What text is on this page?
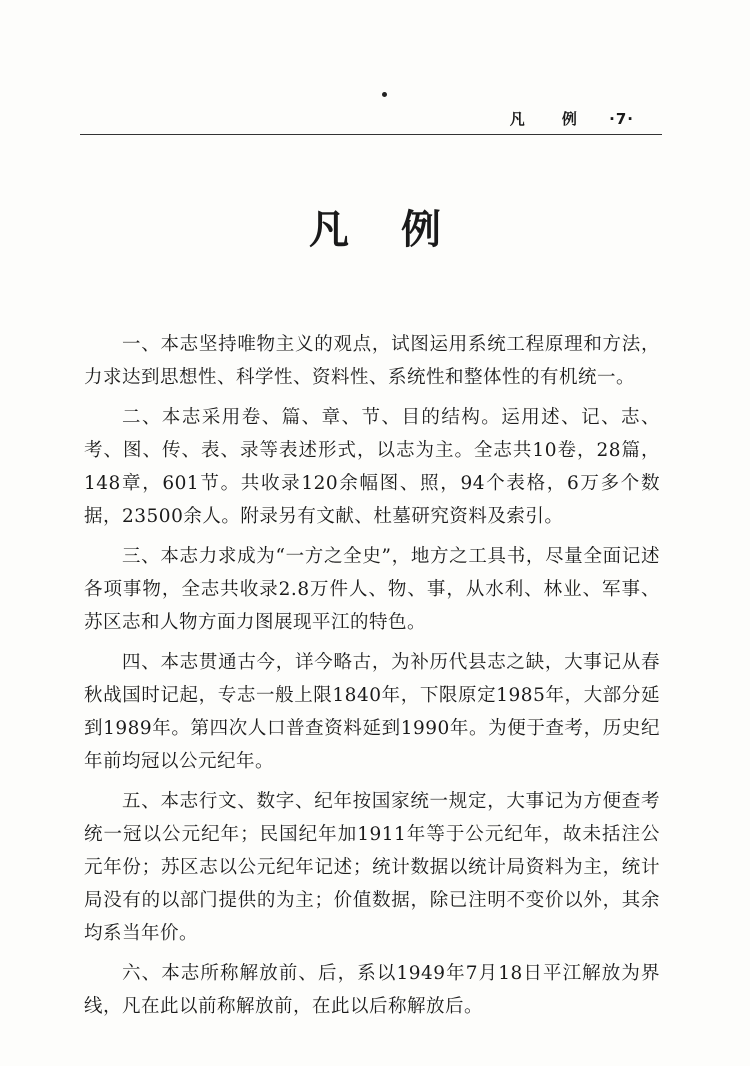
凡 例 ·7·
凡例

一、本志坚持唯物主义的观点，试图运用系统工程原理和方法，力求达到思想性、科学性、资料性、系统性和整体性的有机统一。

二、本志采用卷、篇、章、节、目的结构。运用述、记、志、考、图、传、表、录等表述形式，以志为主。全志共10卷，28篇，148章，601节。共收录120余幅图、照，94个表格，6万多个数据，23500余人。附录另有文献、杜墓研究资料及索引。

三、本志力求成为“一方之全史”，地方之工具书，尽量全面记述各项事物，全志共收录2.8万件人、物、事，从水利、林业、军事、苏区志和人物方面力图展现平江的特色。

四、本志贯通古今，详今略古，为补历代县志之缺，大事记从春秋战国时记起，专志一般上限1840年，下限原定1985年，大部分延到1989年。第四次人口普查资料延到1990年。为便于查考，历史纪年前均冠以公元纪年。

五、本志行文、数字、纪年按国家统一规定，大事记为方便查考统一冠以公元纪年；民国纪年加1911年等于公元纪年，故未括注公元年份；苏区志以公元纪年记述；统计数据以统计局资料为主，统计局没有的以部门提供的为主；价值数据，除已注明不变价以外，其余均系当年价。

六、本志所称解放前、后，系以1949年7月18日平江解放为界线，凡在此以前称解放前，在此以后称解放后。
